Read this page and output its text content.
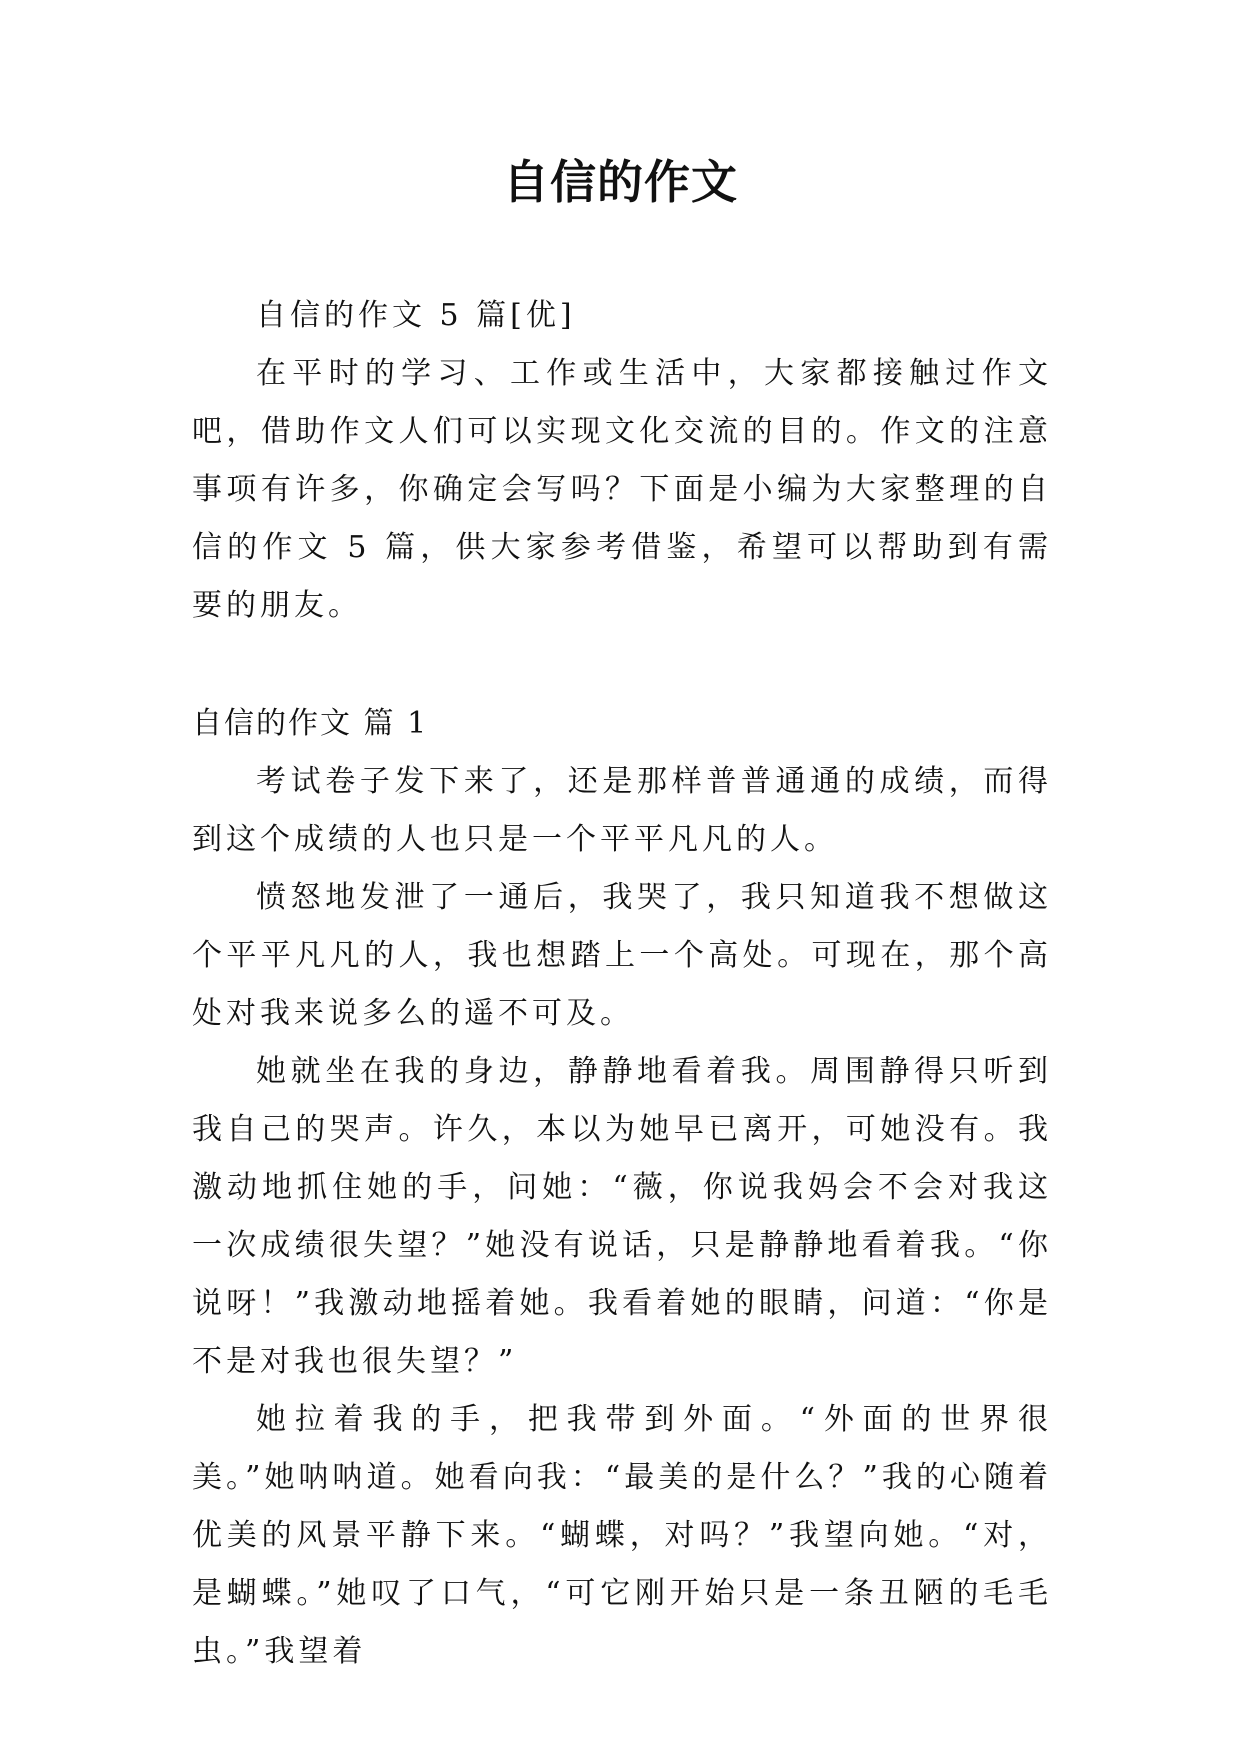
自信的作文

自信的作文 5 篇[优]

在平时的学习、工作或生活中，大家都接触过作文吧，借助作文人们可以实现文化交流的目的。作文的注意事项有许多，你确定会写吗？下面是小编为大家整理的自信的作文 5 篇，供大家参考借鉴，希望可以帮助到有需要的朋友。

自信的作文 篇 1

考试卷子发下来了，还是那样普普通通的成绩，而得到这个成绩的人也只是一个平平凡凡的人。

愤怒地发泄了一通后，我哭了，我只知道我不想做这个平平凡凡的人，我也想踏上一个高处。可现在，那个高处对我来说多么的遥不可及。

她就坐在我的身边，静静地看着我。周围静得只听到我自己的哭声。许久，本以为她早已离开，可她没有。我激动地抓住她的手，问她：“薇，你说我妈会不会对我这一次成绩很失望？”她没有说话，只是静静地看着我。“你说呀！”我激动地摇着她。我看着她的眼睛，问道：“你是不是对我也很失望？”

她拉着我的手，把我带到外面。“外面的世界很美。”她呐呐道。她看向我：“最美的是什么？”我的心随着优美的风景平静下来。“蝴蝶，对吗？”我望向她。“对，是蝴蝶。”她叹了口气，“可它刚开始只是一条丑陋的毛毛虫。”我望着
